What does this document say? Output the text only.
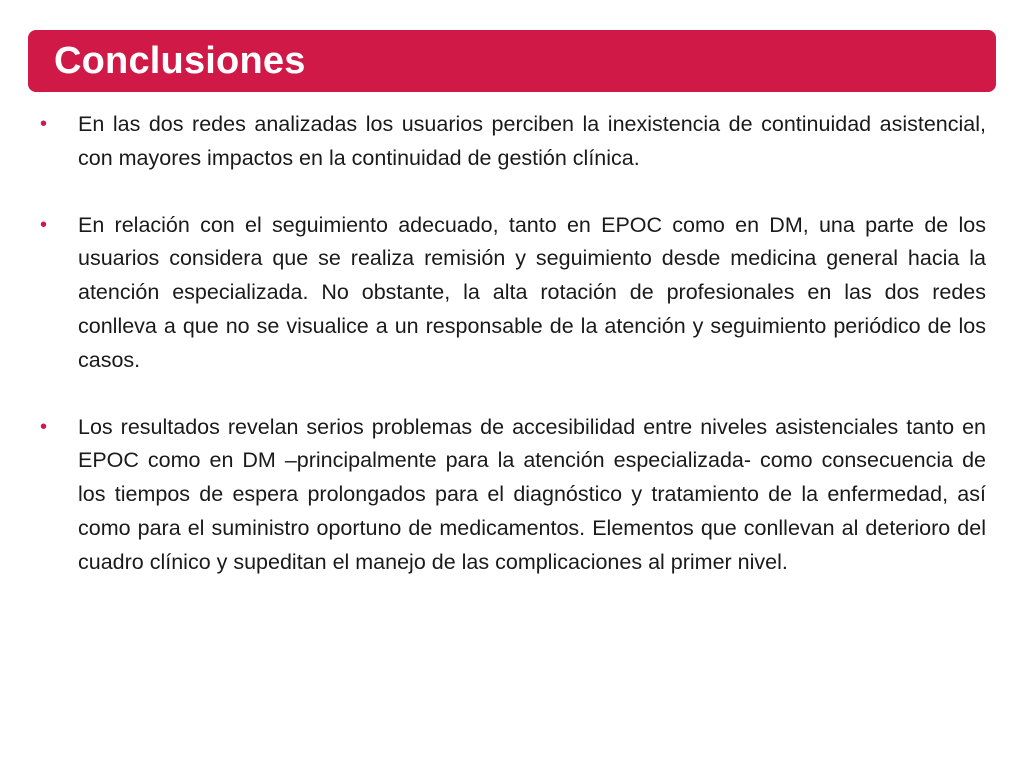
Conclusiones
• En las dos redes analizadas los usuarios perciben la inexistencia de continuidad asistencial, con mayores impactos en la continuidad de gestión clínica.
• En relación con el seguimiento adecuado, tanto en EPOC como en DM, una parte de los usuarios considera que se realiza remisión y seguimiento desde medicina general hacia la atención especializada. No obstante, la alta rotación de profesionales en las dos redes conlleva a que no se visualice a un responsable de la atención y seguimiento periódico de los casos.
• Los resultados revelan serios problemas de accesibilidad entre niveles asistenciales tanto en EPOC como en DM –principalmente para la atención especializada- como consecuencia de los tiempos de espera prolongados para el diagnóstico y tratamiento de la enfermedad, así como para el suministro oportuno de medicamentos. Elementos que conllevan al deterioro del cuadro clínico y supeditan el manejo de las complicaciones al primer nivel.
